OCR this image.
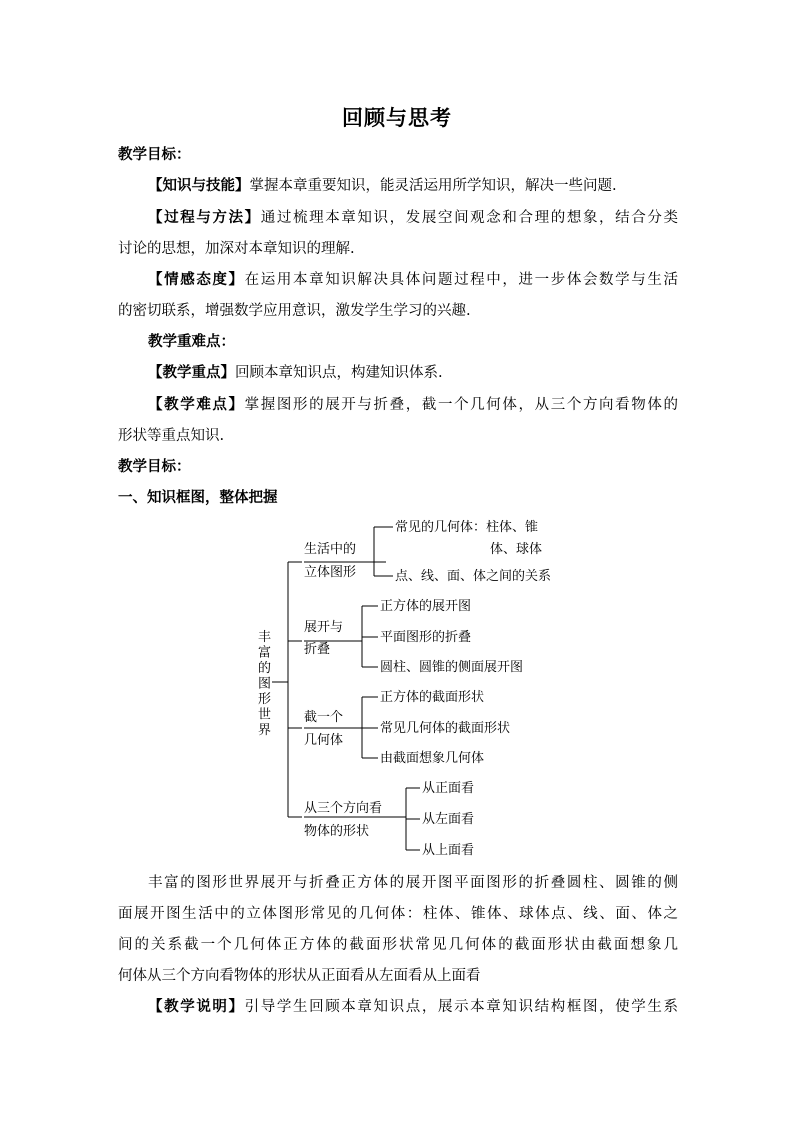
回顾与思考
教学目标：
【知识与技能】掌握本章重要知识，能灵活运用所学知识，解决一些问题.
【过程与方法】通过梳理本章知识，发展空间观念和合理的想象，结合分类
讨论的思想，加深对本章知识的理解.
【情感态度】在运用本章知识解决具体问题过程中，进一步体会数学与生活
的密切联系，增强数学应用意识，激发学生学习的兴趣.
教学重难点：
【教学重点】回顾本章知识点，构建知识体系.
【教学难点】掌握图形的展开与折叠，截一个几何体，从三个方向看物体的
形状等重点知识.
教学目标：
一、知识框图，整体把握
丰
富
的
图
形
世
界
生活中的
立体图形
常见的几何体：柱体、锥
体、球体
点、线、面、体之间的关系
展开与
折叠
正方体的展开图
平面图形的折叠
圆柱、圆锥的侧面展开图
截一个
几何体
正方体的截面形状
常见几何体的截面形状
由截面想象几何体
从三个方向看
物体的形状
从正面看
从左面看
从上面看
丰富的图形世界展开与折叠正方体的展开图平面图形的折叠圆柱、圆锥的侧
面展开图生活中的立体图形常见的几何体：柱体、锥体、球体点、线、面、体之
间的关系截一个几何体正方体的截面形状常见几何体的截面形状由截面想象几
何体从三个方向看物体的形状从正面看从左面看从上面看
【教学说明】引导学生回顾本章知识点，展示本章知识结构框图，使学生系
